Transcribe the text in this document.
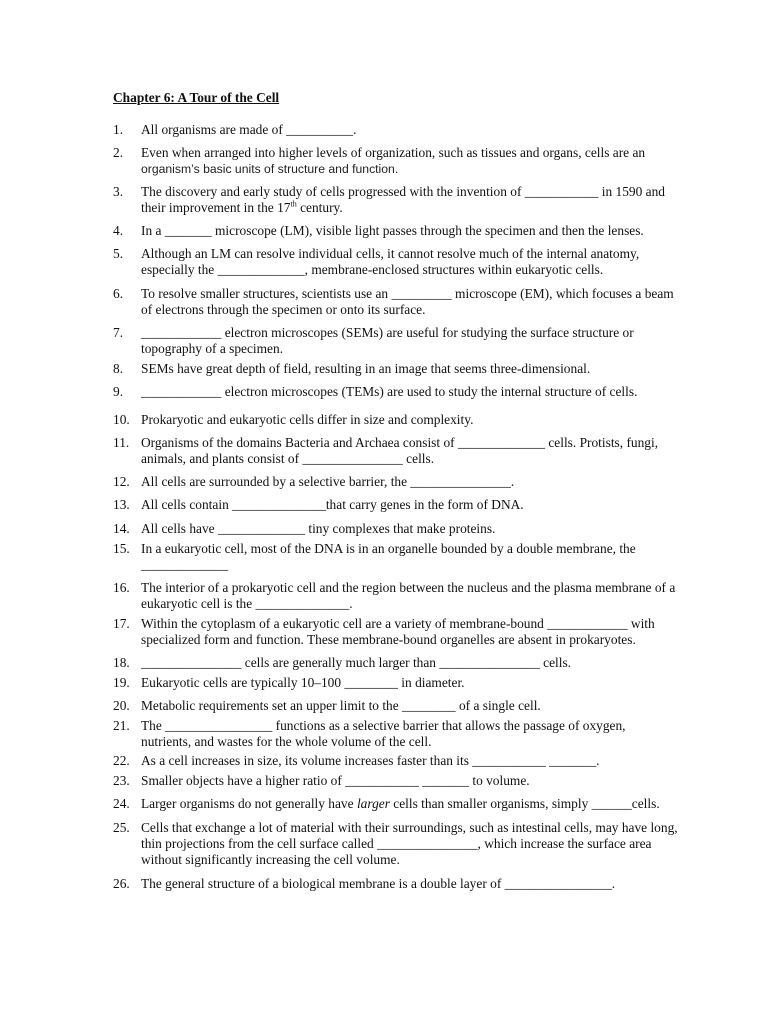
Chapter 6: A Tour of the Cell
1.	All organisms are made of __________.
2.	Even when arranged into higher levels of organization, such as tissues and organs, cells are an
organism’s basic units of structure and function.
3.	The discovery and early study of cells progressed with the invention of ___________ in 1590 and
their improvement in the 17th century.
4.	In a _______ microscope (LM), visible light passes through the specimen and then the lenses.
5.	Although an LM can resolve individual cells, it cannot resolve much of the internal anatomy,
especially the _____________, membrane-enclosed structures within eukaryotic cells.
6.	To resolve smaller structures, scientists use an _________ microscope (EM), which focuses a beam
of electrons through the specimen or onto its surface.
7.	____________ electron microscopes (SEMs) are useful for studying the surface structure or
topography of a specimen.
8.	SEMs have great depth of field, resulting in an image that seems three-dimensional.
9.	____________ electron microscopes (TEMs) are used to study the internal structure of cells.
10. Prokaryotic and eukaryotic cells differ in size and complexity.
11. Organisms of the domains Bacteria and Archaea consist of _____________ cells. Protists, fungi,
animals, and plants consist of _______________ cells.
12. All cells are surrounded by a selective barrier, the _______________.
13. All cells contain ______________that carry genes in the form of DNA.
14. All cells have _____________ tiny complexes that make proteins.
15. In a eukaryotic cell, most of the DNA is in an organelle bounded by a double membrane, the
_____________
16. The interior of a prokaryotic cell and the region between the nucleus and the plasma membrane of a
eukaryotic cell is the ______________.
17. Within the cytoplasm of a eukaryotic cell are a variety of membrane-bound ____________ with
specialized form and function. These membrane-bound organelles are absent in prokaryotes.
18. _______________ cells are generally much larger than _______________ cells.
19. Eukaryotic cells are typically 10–100 ________ in diameter.
20. Metabolic requirements set an upper limit to the ________ of a single cell.
21. The ________________ functions as a selective barrier that allows the passage of oxygen,
nutrients, and wastes for the whole volume of the cell.
22. As a cell increases in size, its volume increases faster than its ___________ _______.
23. Smaller objects have a higher ratio of ___________ _______ to volume.
24. Larger organisms do not generally have larger cells than smaller organisms, simply ______cells.
25. Cells that exchange a lot of material with their surroundings, such as intestinal cells, may have long,
thin projections from the cell surface called _______________, which increase the surface area
without significantly increasing the cell volume.
26. The general structure of a biological membrane is a double layer of ________________.
